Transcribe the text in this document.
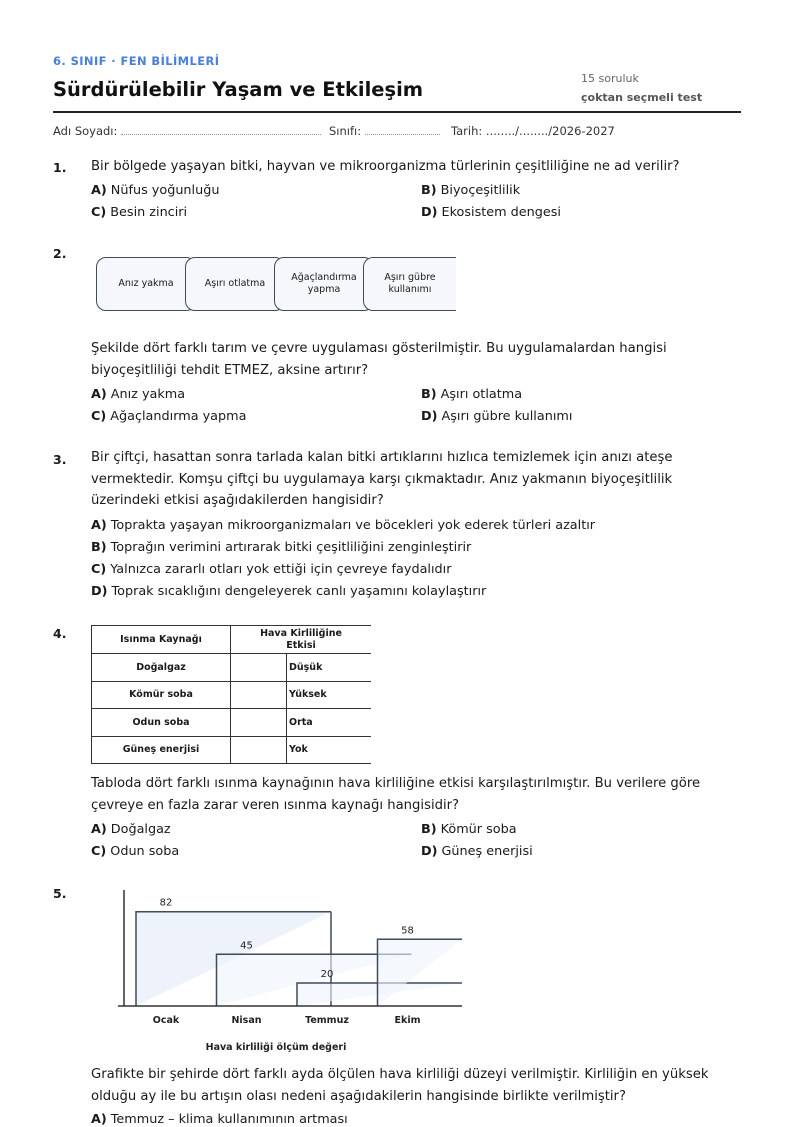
6. SINIF · FEN BİLİMLERİ
Sürdürülebilir Yaşam ve Etkileşim	15 soruluk
çoktan seçmeli test
Adı Soyadı:	Sınıfı:	Tarih: ......../......../2026-2027
1. Bir bölgede yaşayan bitki, hayvan ve mikroorganizma türlerinin çeşitliliğine ne ad verilir?
A) Nüfus yoğunluğu	B) Biyoçeşitlilik
C) Besin zinciri	D) Ekosistem dengesi
2.
Anız yakma	Aşırı otlatma
Ağaçlandırma yapma
Aşırı gübre kullanımı
Şekilde dört farklı tarım ve çevre uygulaması gösterilmiştir. Bu uygulamalardan hangisi biyoçeşitliliği tehdit ETMEZ, aksine artırır?
A) Anız yakma	B) Aşırı otlatma
C) Ağaçlandırma yapma	D) Aşırı gübre kullanımı
3. Bir çiftçi, hasattan sonra tarlada kalan bitki artıklarını hızlıca temizlemek için anızı ateşe vermektedir. Komşu çiftçi bu uygulamaya karşı çıkmaktadır. Anız yakmanın biyoçeşitlilik üzerindeki etkisi aşağıdakilerden hangisidir?
A) Toprakta yaşayan mikroorganizmaları ve böcekleri yok ederek türleri azaltır
B) Toprağın verimini artırarak bitki çeşitliliğini zenginleştirir
C) Yalnızca zararlı otları yok ettiği için çevreye faydalıdır
D) Toprak sıcaklığını dengeleyerek canlı yaşamını kolaylaştırır
4.	Isınma Kaynağı	Hava Kirliliğine Etkisi	
Doğalgaz		Düşük
Kömür soba		Yüksek
Odun soba		Orta
Güneş enerjisi		Yok
Tabloda dört farklı ısınma kaynağının hava kirliliğine etkisi karşılaştırılmıştır. Bu verilere göre çevreye en fazla zarar veren ısınma kaynağı hangisidir?
A) Doğalgaz	B) Kömür soba
C) Odun soba	D) Güneş enerjisi
5.
82
Ocak
45
Nisan
20
Temmuz
58
Ekim
Hava kirliliği ölçüm değeri
Grafikte bir şehirde dört farklı ayda ölçülen hava kirliliği düzeyi verilmiştir. Kirliliğin en yüksek olduğu ay ile bu artışın olası nedeni aşağıdakilerin hangisinde birlikte verilmiştir?
A) Temmuz – klima kullanımının artması
